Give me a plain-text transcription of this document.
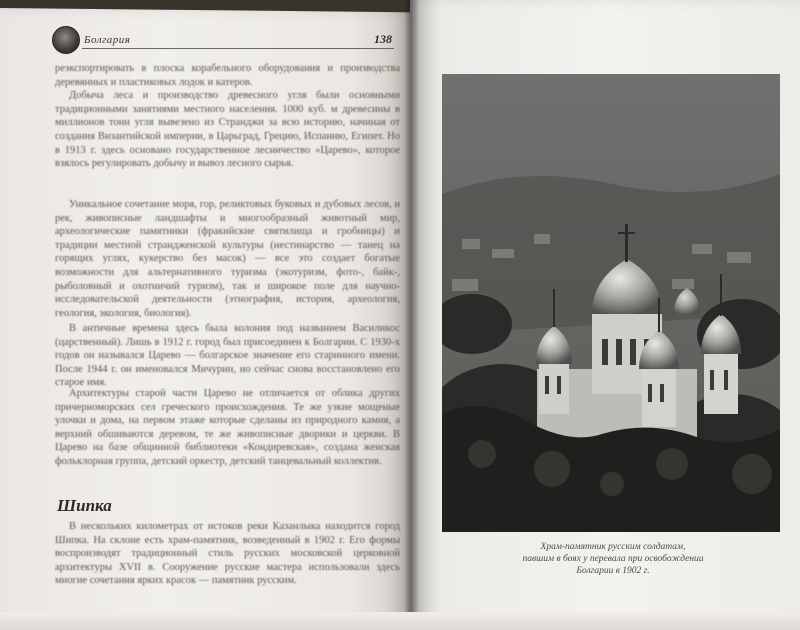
Болгария	138

реэкспортировать в плоска корабельного оборудования и производства деревянных и пластиковых лодок и катеров.

Добыча леса и производство древесного угля были основными традиционными занятиями местного населения. 1000 куб. м древесины в миллионов тонн угля вывезено из Странджи за всю историю, начиная от создания Византийской империи, в Царьград, Грецию, Испанию, Египет. Но в 1913 г. здесь основано государственное лесничество «Царево», которое взялось регулировать добычу и вывоз лесного сырья.

Уникальное сочетание моря, гор, реликтовых буковых и дубовых лесов, и рек, живописные ландшафты и многообразный животный мир, археологические памятники (фракийские святилища и гробницы) и традиции местной страндженской культуры (нестинарство — танец на горящих углях, кукерство без масок) — все это создает богатые возможности для альтернативного туризма (экотуризм, фото-, байк-, рыболовный и охотничий туризм), так и широкое поле для научно-исследовательской деятельности (этнография, история, археология, геология, экология, биология).

В античные времена здесь была колония под названием Василикос (царственный). Лишь в 1912 г. город был присоединен к Болгарии. С 1930-х годов он назывался Царево — болгарское значение его старинного имени. После 1944 г. он именовался Мичурин, но сейчас снова восстановлено его старое имя.

Архитектуры старой части Царево не отличается от облика других причерноморских сел греческого происхождения. Те же узкие мощеные улочки и дома, на первом этаже которые сделаны из природного камня, а верхний обшиваются деревом, те же живописные дворики и церкви. В Царево на базе общинной библиотеки «Кондиревская», создана женская фольклорная группа, детский оркестр, детский танцевальный коллектив.

Шипка

В нескольких километрах от истоков реки Казанлыка находится город Шипка. На склоне есть храм-памятник, возведенный в 1902 г. Его формы воспроизводят традиционный стиль русских московской церковной архитектуры XVII в. Сооружение русские мастера использовали здесь многие сочетания ярких красок — памятник русским.

Храм-памятник русским солдатам,
павшим в боях у перевала при освобождении
Болгарии в 1902 г.
